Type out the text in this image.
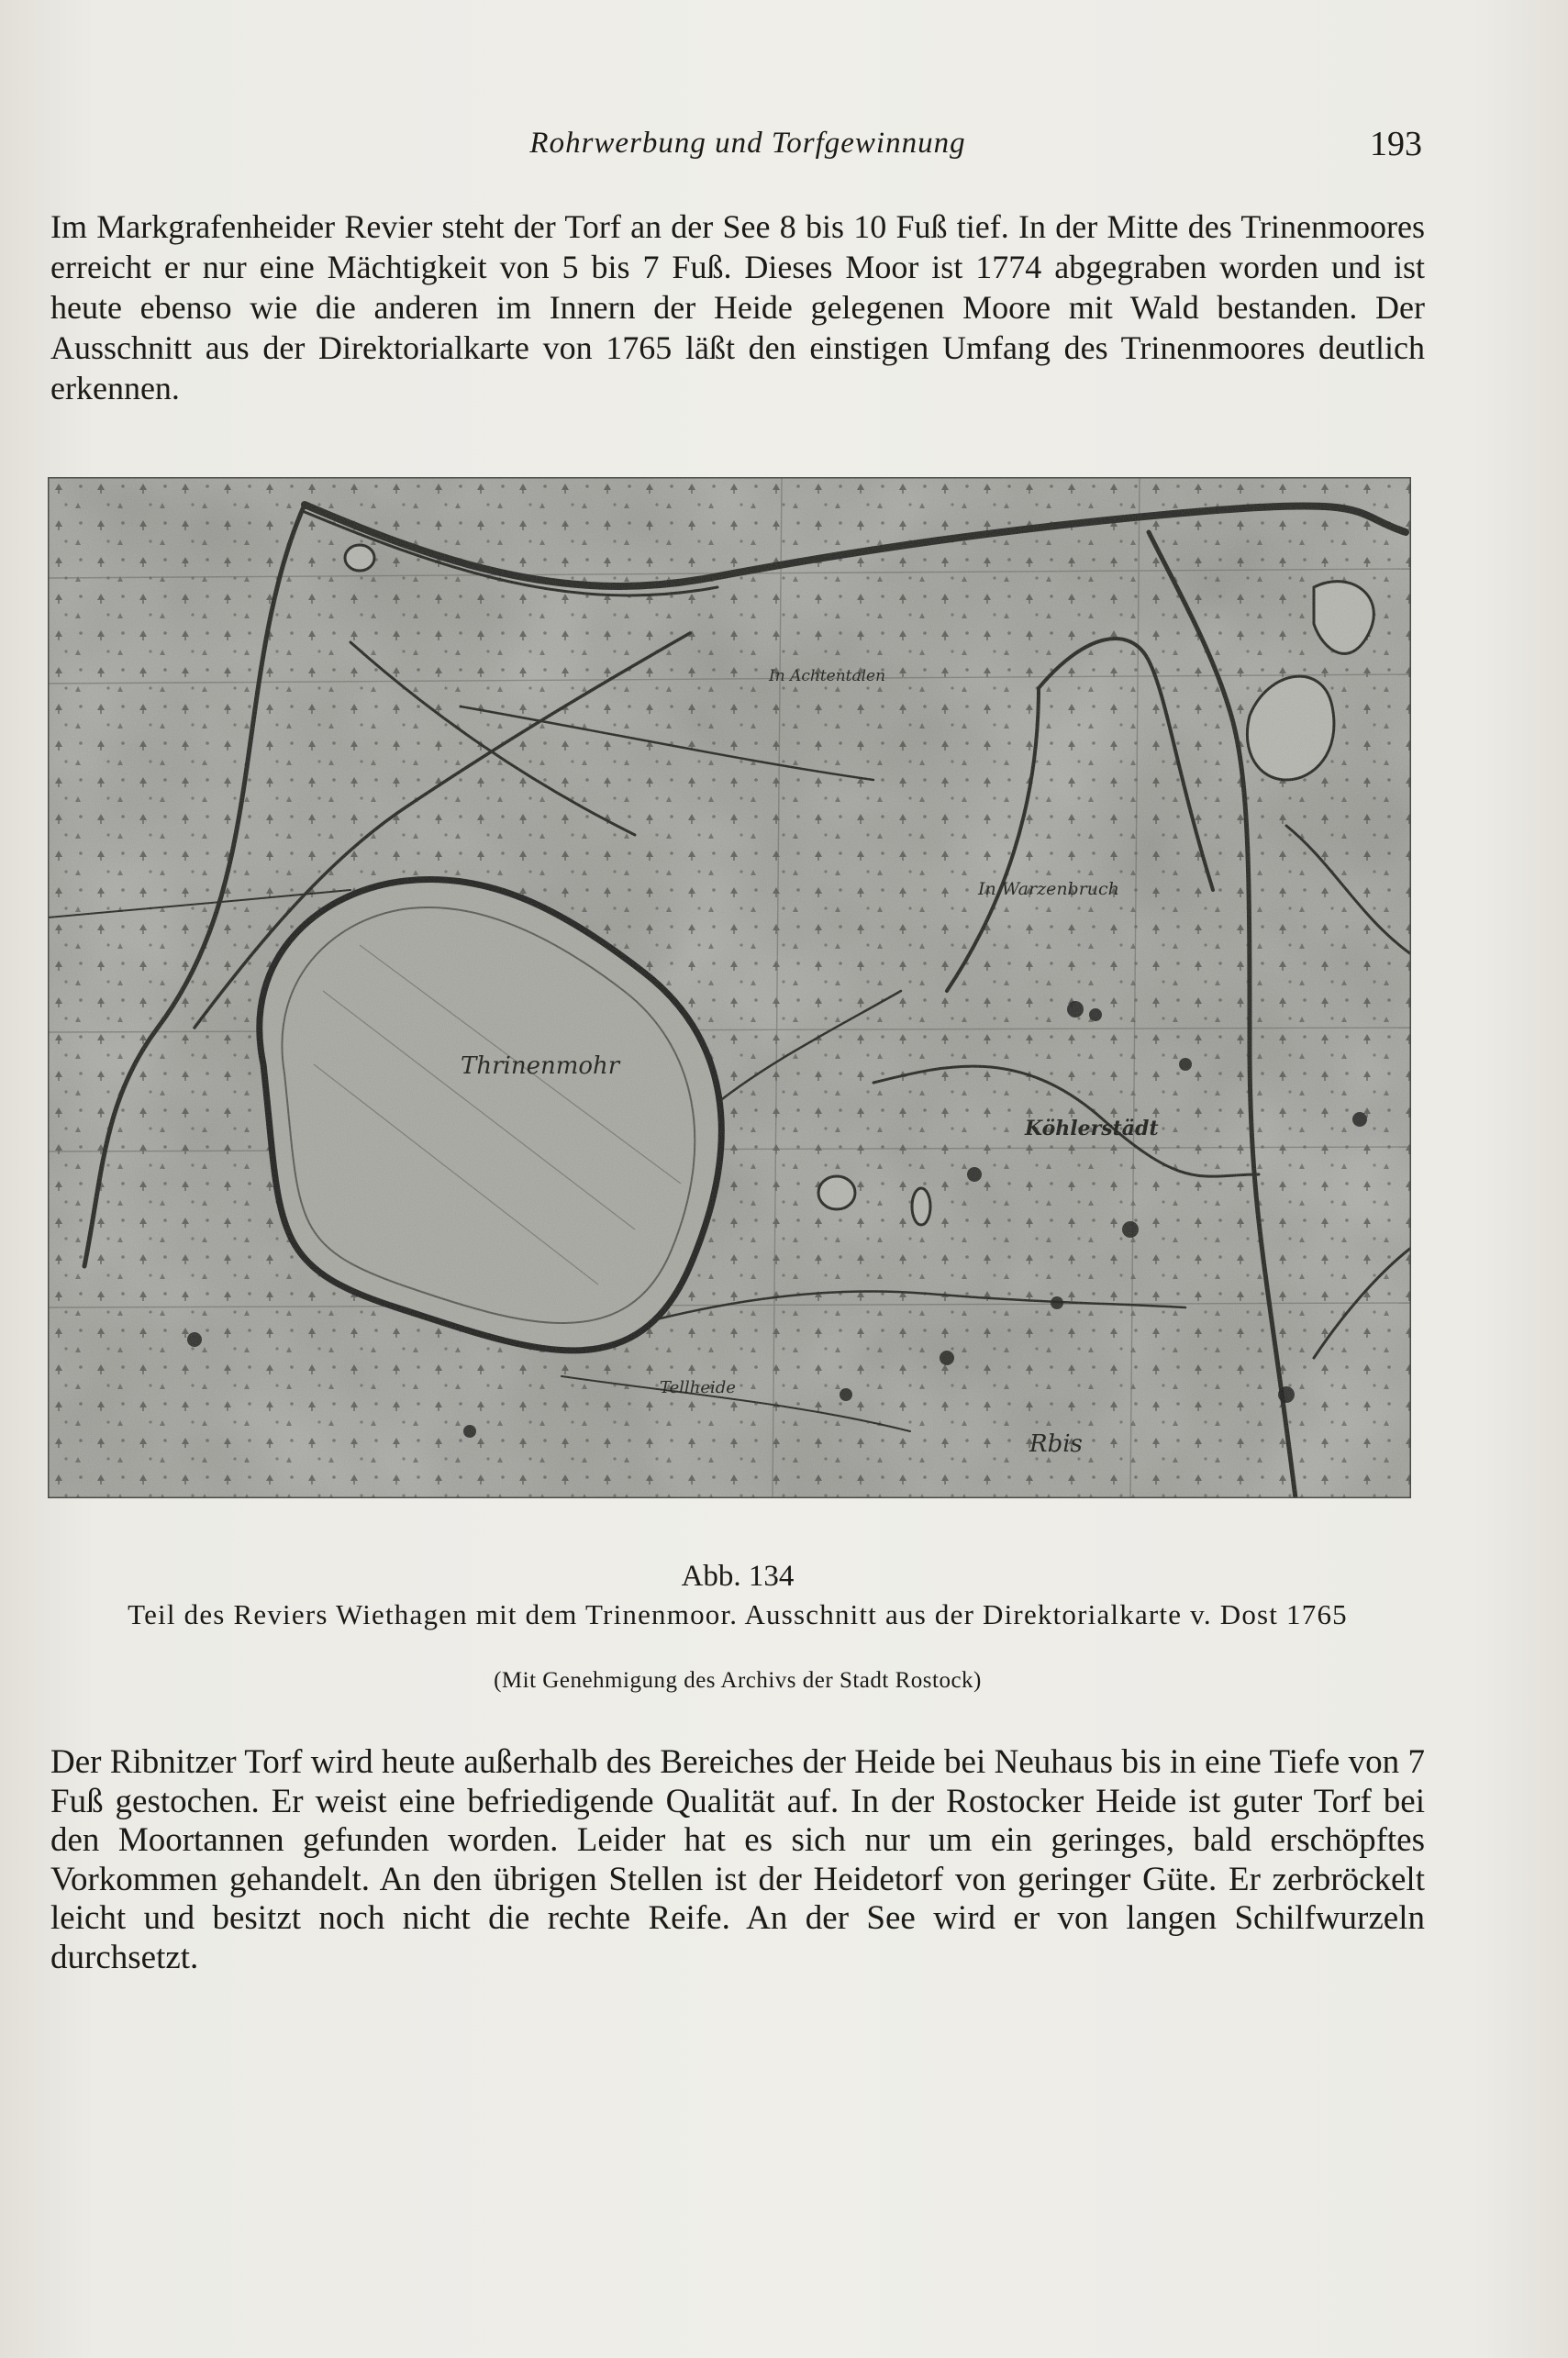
Rohrwerbung und Torfgewinnung	193

Im Markgrafenheider Revier steht der Torf an der See 8 bis 10 Fuß tief. In der Mitte des Trinenmoores erreicht er nur eine Mächtigkeit von 5 bis 7 Fuß. Dieses Moor ist 1774 abgegraben worden und ist heute ebenso wie die anderen im Innern der Heide gelegenen Moore mit Wald bestanden. Der Ausschnitt aus der Direktorialkarte von 1765 läßt den einstigen Umfang des Trinenmoores deutlich erkennen.

Abb. 134
Teil des Reviers Wiethagen mit dem Trinenmoor. Ausschnitt aus der Direktorialkarte v. Dost 1765
(Mit Genehmigung des Archivs der Stadt Rostock)

Der Ribnitzer Torf wird heute außerhalb des Bereiches der Heide bei Neuhaus bis in eine Tiefe von 7 Fuß gestochen. Er weist eine befriedigende Qualität auf. In der Rostocker Heide ist guter Torf bei den Moortannen gefunden worden. Leider hat es sich nur um ein geringes, bald erschöpftes Vorkommen gehandelt. An den übrigen Stellen ist der Heidetorf von geringer Güte. Er zerbröckelt leicht und besitzt noch nicht die rechte Reife. An der See wird er von langen Schilfwurzeln durchsetzt.
